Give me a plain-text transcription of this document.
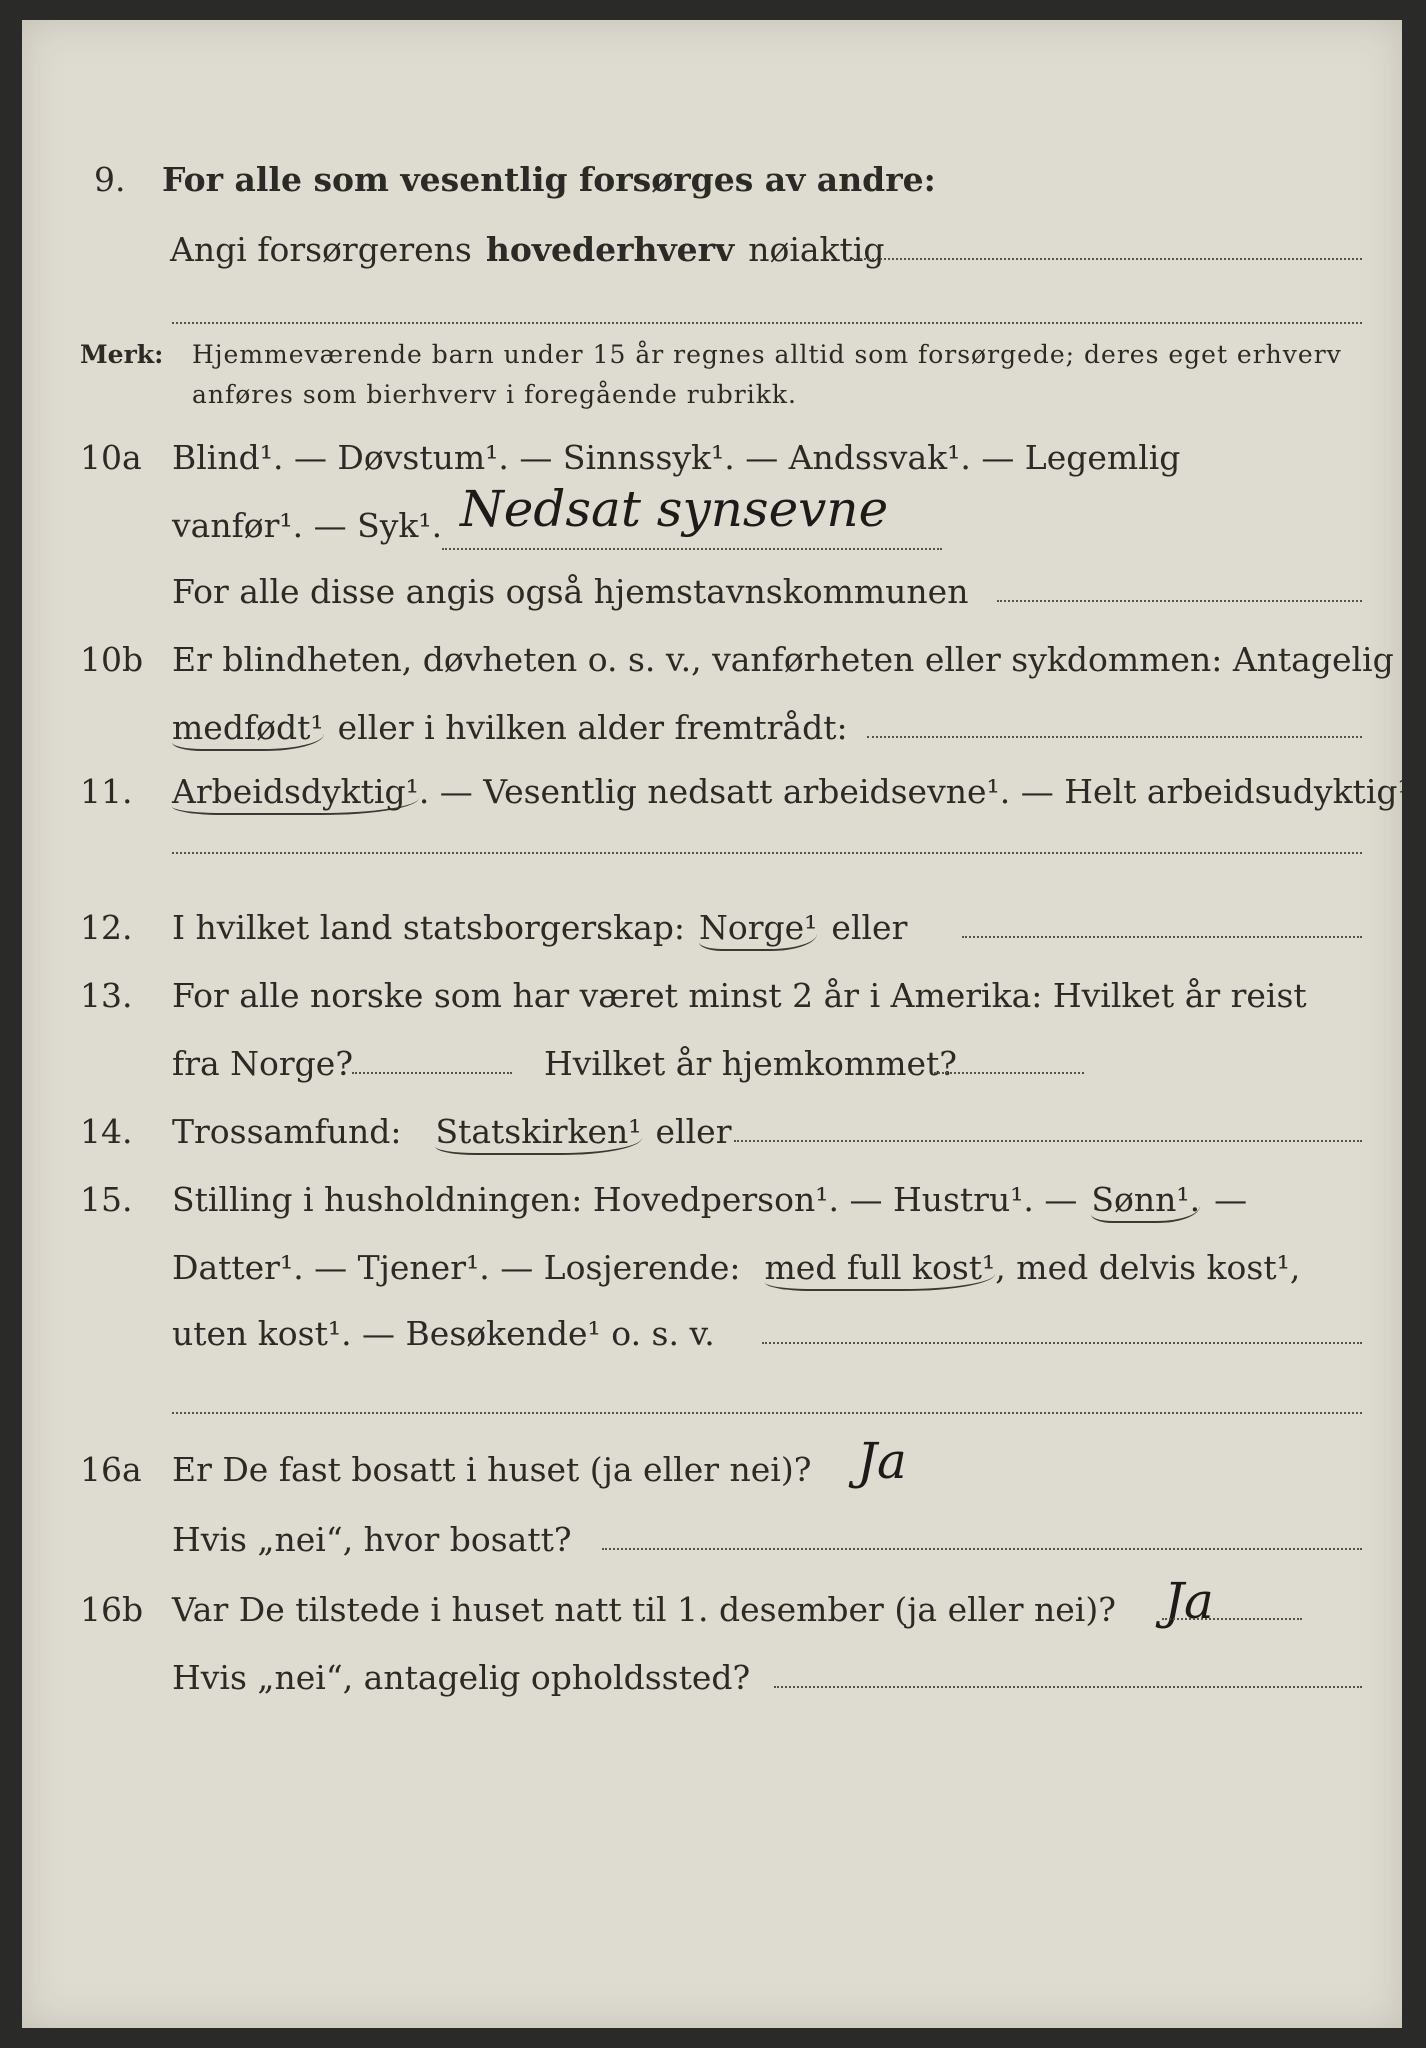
9. For alle som vesentlig forsørges av andre:
Angi forsørgerens hovederhverv nøiaktig
Merk: Hjemmeværende barn under 15 år regnes alltid som forsørgede; deres eget erhverv
anføres som bierhverv i foregående rubrikk.
10a Blind¹. — Døvstum¹. — Sinnssyk¹. — Andssvak¹. — Legemlig
vanfør¹. — Syk¹. Nedsat synsevne
For alle disse angis også hjemstavnskommunen
10b Er blindheten, døvheten o. s. v., vanførheten eller sykdommen: Antagelig
medfødt¹ eller i hvilken alder fremtrådt:
11. Arbeidsdyktig¹ . — Vesentlig nedsatt arbeidsevne¹. — Helt arbeidsudyktig¹.
12. I hvilket land statsborgerskap: Norge¹ eller
13. For alle norske som har været minst 2 år i Amerika: Hvilket år reist
fra Norge?	Hvilket år hjemkommet?
14. Trossamfund: Statskirken¹ eller
15. Stilling i husholdningen: Hovedperson¹. — Hustru¹. — Sønn¹. —
Datter¹. — Tjener¹. — Losjerende: med full kost¹ , med delvis kost¹,
uten kost¹. — Besøkende¹ o. s. v.
16a Er De fast bosatt i huset (ja eller nei)? Ja
Hvis „nei“, hvor bosatt?
16b Var De tilstede i huset natt til 1. desember (ja eller nei)? Ja
Hvis „nei“, antagelig opholdssted?
